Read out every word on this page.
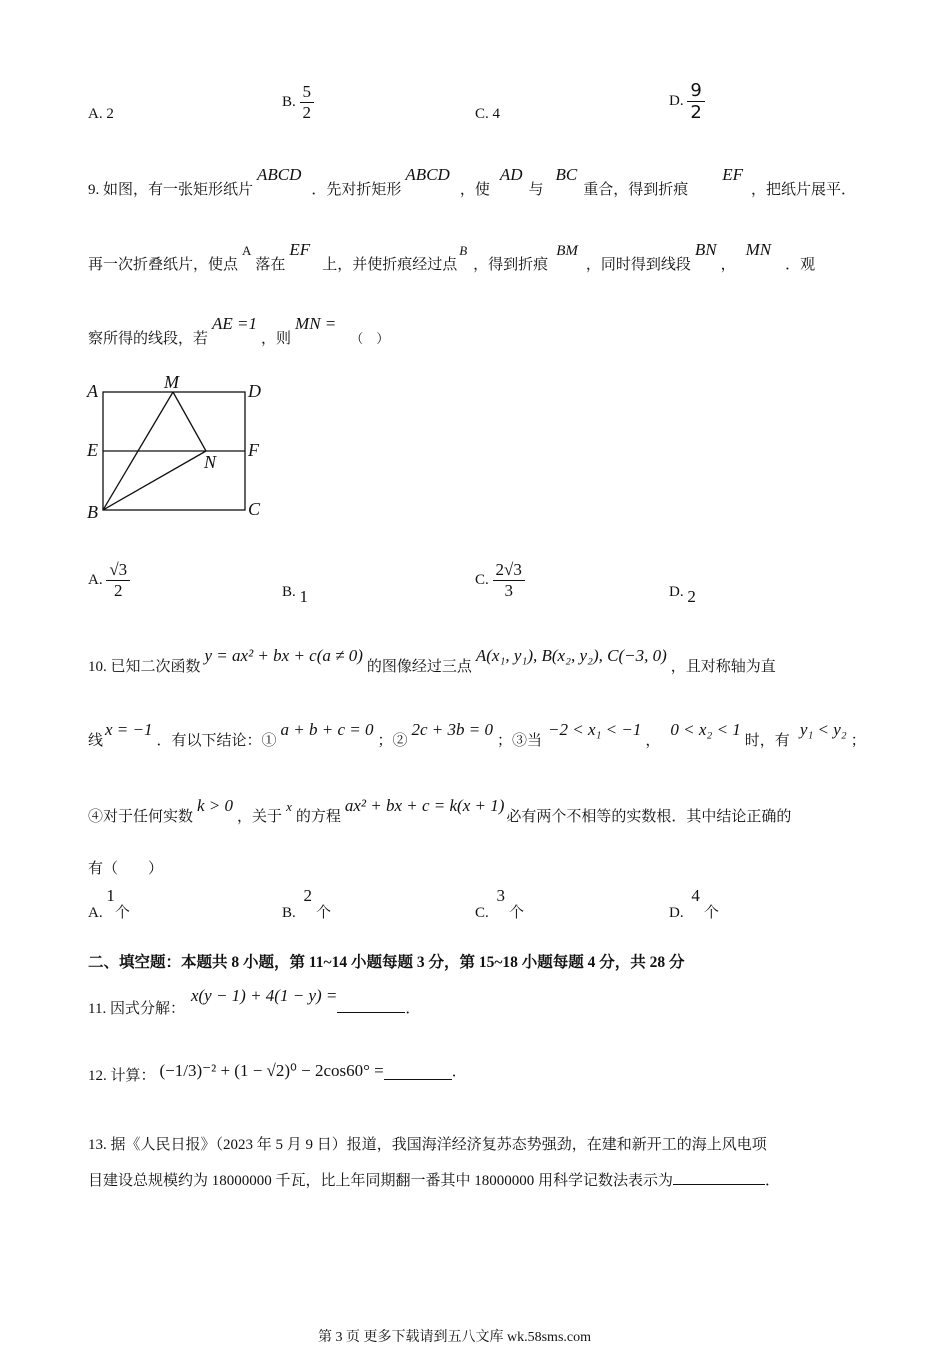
A. 2
B. $\frac{5}{2}$	C. 4
D. $\frac{9}{2}$
9. 如图，有一张矩形纸片ABCD．先对折矩形ABCD，使AD与BC重合，得到折痕EF，把纸片展平．
再一次折叠纸片，使点A落在EF上，并使折痕经过点B，得到折痕BM，同时得到线段BN，MN．观
察所得的线段，若AE =1，则MN =（　）
A	M	D
E	F
N
B	C
A. $\frac{√3}{2}$	B. 1
C. $\frac{2√3}{3}$	D. 2
10. 已知二次函数y = ax² + bx + c(a ≠ 0)的图像经过三点A(x₁, y₁), B(x₂, y₂), C(−3, 0)，且对称轴为直
线x = −1．有以下结论：①a + b + c = 0；②2c + 3b = 0；③当−2 < x₁ < −1，0 < x₂ < 1时，有y₁ < y₂；
④对于任何实数k > 0，关于x的方程ax² + bx + c = k(x + 1)必有两个不相等的实数根．其中结论正确的
有（　　）
A. 1个	B. 2个	C. 3个	D. 4个
二、填空题：本题共 8 小题，第 11~14 小题每题 3 分，第 15~18 小题每题 4 分，共 28 分
11. 因式分解：x(y − 1) + 4(1 − y) =．
12. 计算： (−1/3)⁻² + (1 − √2)⁰ − 2cos60° =	．
13. 据《人民日报》（2023 年 5 月 9 日）报道，我国海洋经济复苏态势强劲，在建和新开工的海上风电项
目建设总规模约为 18000000 千瓦，比上年同期翻一番其中 18000000 用科学记数法表示为	．
第 3 页 更多下载请到五八文库 wk.58sms.com
